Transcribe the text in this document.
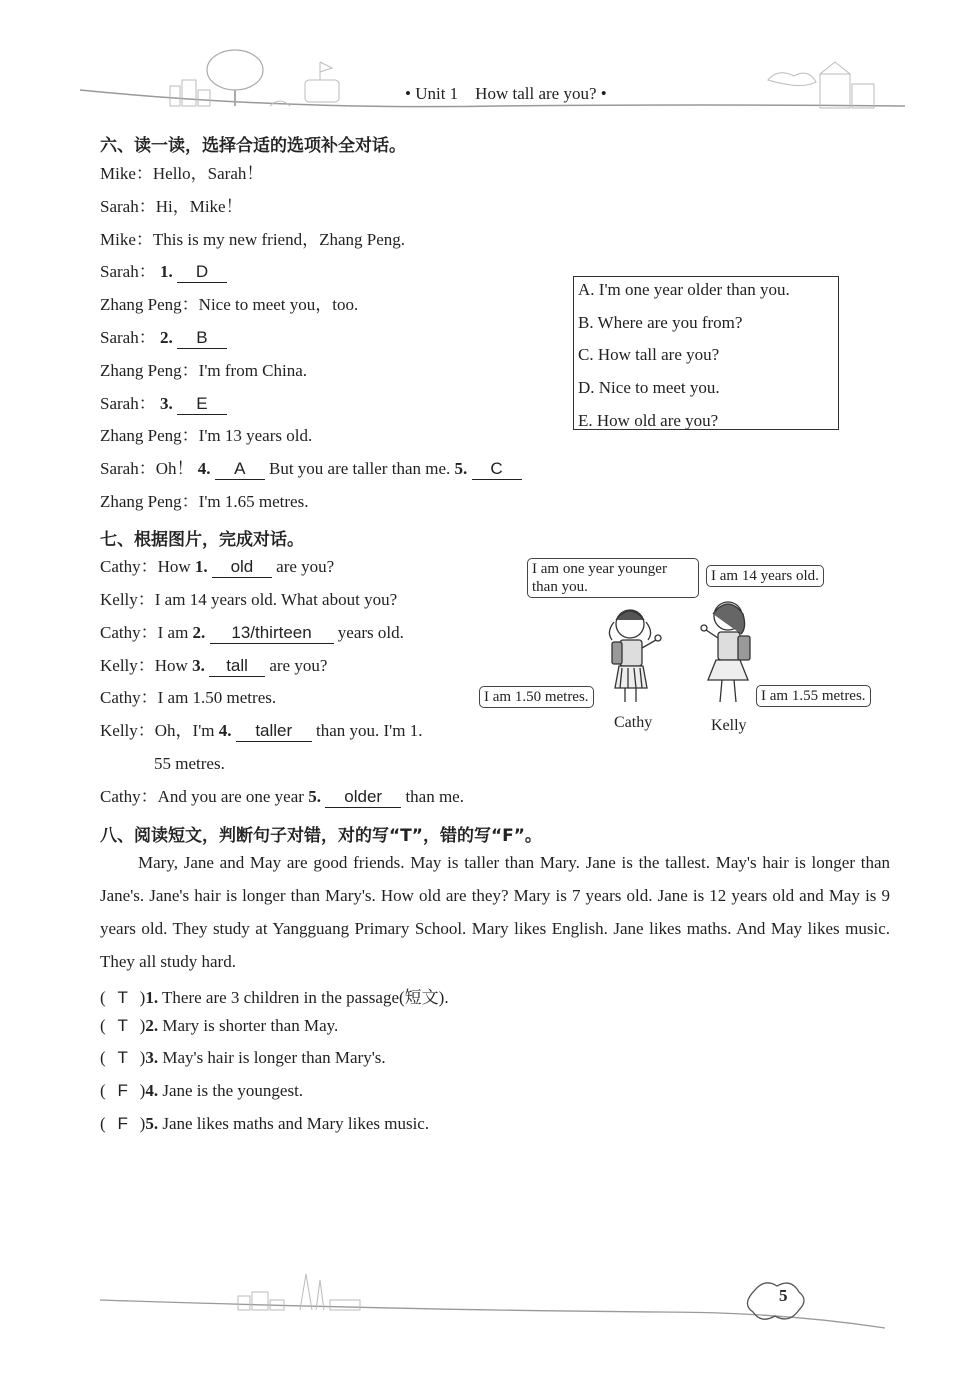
• Unit 1    How tall are you? •
六、读一读，选择合适的选项补全对话。
Mike：Hello，Sarah！
Sarah：Hi，Mike！
Mike：This is my new friend，Zhang Peng.
Sarah： 1. D
Zhang Peng：Nice to meet you，too.
Sarah： 2. B
Zhang Peng：I'm from China.
Sarah： 3. E
Zhang Peng：I'm 13 years old.
Sarah：Oh！ 4. A But you are taller than me. 5. C
Zhang Peng：I'm 1.65 metres.
A. I'm one year older than you.
B. Where are you from?
C. How tall are you?
D. Nice to meet you.
E. How old are you?
七、根据图片，完成对话。
Cathy：How 1. old are you?
Kelly：I am 14 years old. What about you?
Cathy：I am 2. 13/thirteen years old.
Kelly：How 3. tall are you?
Cathy：I am 1.50 metres.
Kelly：Oh，I'm 4. taller than you. I'm 1.
55 metres.
Cathy：And you are one year 5. older than me.
I am one year younger
than you.
I am 14 years old.
I am 1.50 metres.	I am 1.55 metres.
Cathy	Kelly
八、阅读短文，判断句子对错，对的写“T”，错的写“F”。
Mary, Jane and May are good friends. May is taller than Mary. Jane is the tallest. May's hair is longer than Jane's. Jane's hair is longer than Mary's. How old are they? Mary is 7 years old. Jane is 12 years old and May is 9 years old. They study at Yangguang Primary School. Mary likes English. Jane likes maths. And May likes music. They all study hard.
( T )1. There are 3 children in the passage(短文).
( T )2. Mary is shorter than May.
( T )3. May's hair is longer than Mary's.
( F )4. Jane is the youngest.
( F )5. Jane likes maths and Mary likes music.
5
